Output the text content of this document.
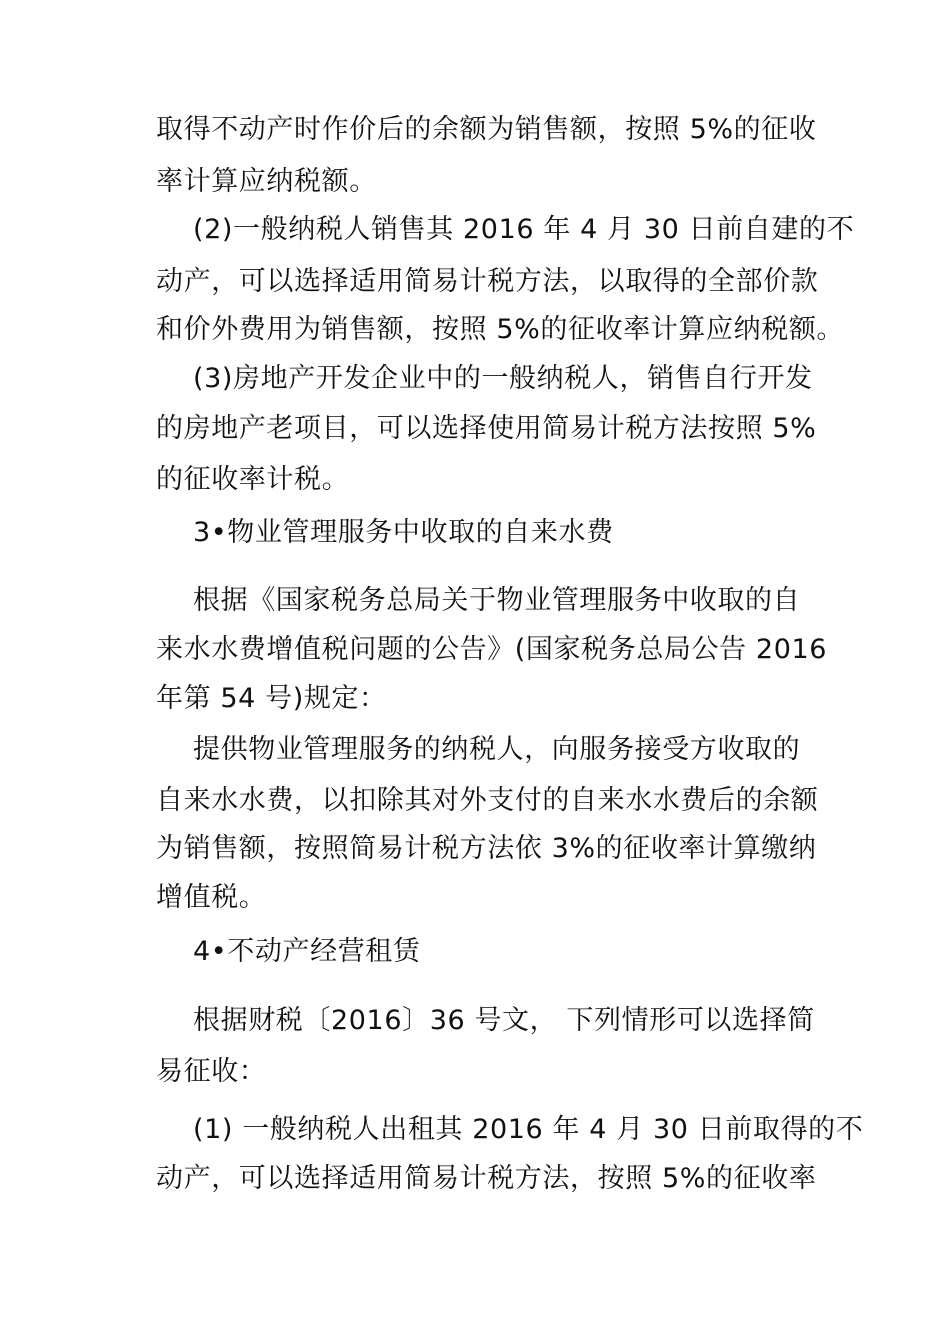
取得不动产时作价后的余额为销售额，按照 5%的征收
率计算应纳税额。
(2)一般纳税人销售其 2016 年 4 月 30 日前自建的不
动产，可以选择适用简易计税方法，以取得的全部价款
和价外费用为销售额，按照 5%的征收率计算应纳税额。
(3)房地产开发企业中的一般纳税人，销售自行开发
的房地产老项目，可以选择使用简易计税方法按照 5%
的征收率计税。
3•物业管理服务中收取的自来水费
根据《国家税务总局关于物业管理服务中收取的自
来水水费增值税问题的公告》(国家税务总局公告 2016
年第 54 号)规定：
提供物业管理服务的纳税人，向服务接受方收取的
自来水水费，以扣除其对外支付的自来水水费后的余额
为销售额，按照简易计税方法依 3%的征收率计算缴纳
增值税。
4•不动产经营租赁
根据财税〔2016〕36 号文， 下列情形可以选择简
易征收：
(1) 一般纳税人出租其 2016 年 4 月 30 日前取得的不
动产，可以选择适用简易计税方法，按照 5%的征收率
